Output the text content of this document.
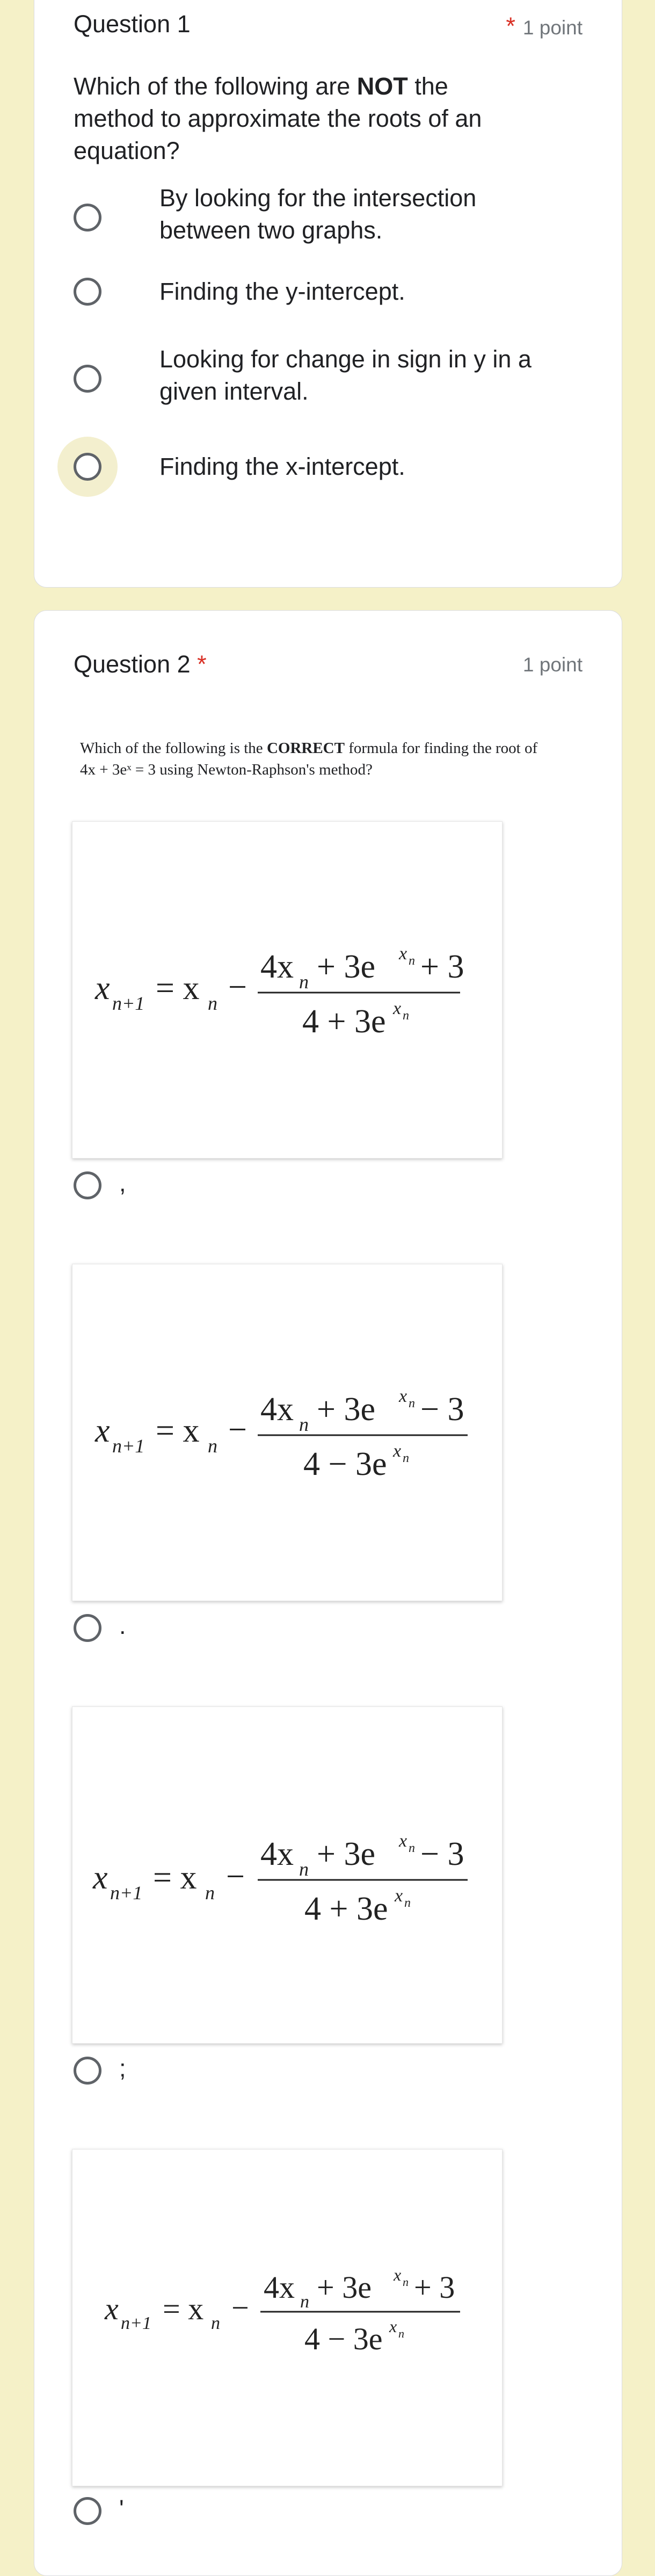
Question 1	* 1 point
Which of the following are NOT the method to approximate the roots of an equation?
By looking for the intersection between two graphs.
Finding the y-intercept.
Looking for change in sign in y in a given interval.
Finding the x-intercept.
Question 2 *	1 point
Which of the following is the CORRECT formula for finding the root of
4x + 3eˣ = 3 using Newton-Raphson's method?
x n+1 = x n −
4x n + 3e x n + 3
4 + 3e x n
,
x n+1 = x n −
4x n + 3e x n − 3
4 − 3e x n
.
x n+1 = x n −
4x n + 3e x n − 3
4 + 3e x n
;
x n+1 = x n −
4x n + 3e x n + 3
4 − 3e x n
'
